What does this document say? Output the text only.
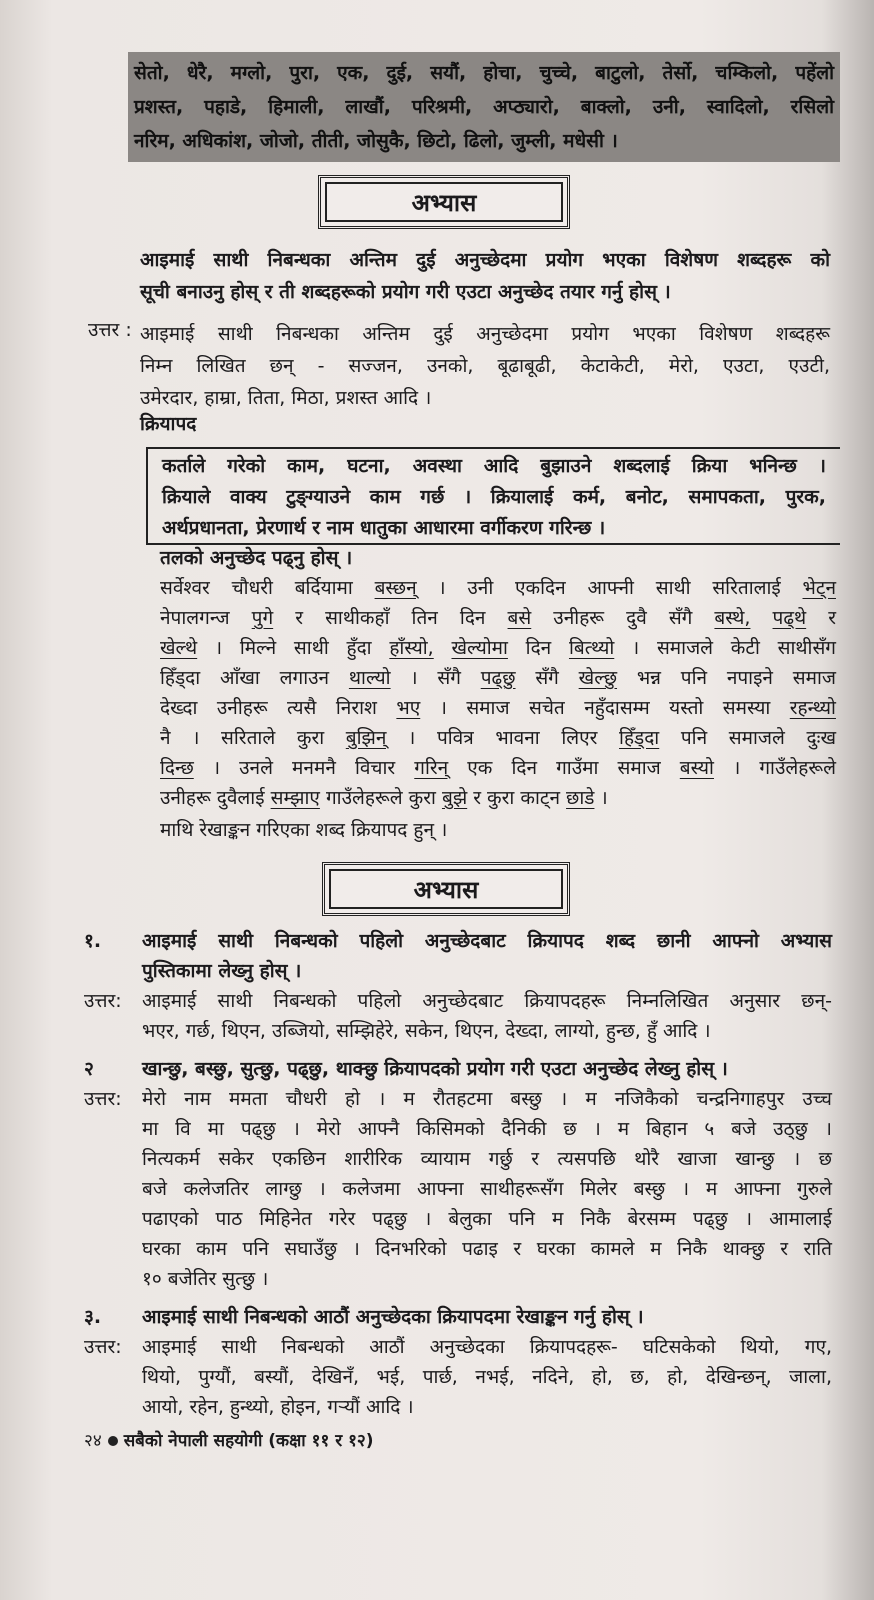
सेतो, धेरै, मग्लो, पुरा, एक, दुई, सयौं, होचा, चुच्चे, बाटुलो, तेर्सो, चम्किलो, पहेंलो
प्रशस्त, पहाडे, हिमाली, लाखौं, परिश्रमी, अप्ठ्यारो, बाक्लो, उनी, स्वादिलो, रसिलो
नरिम, अधिकांश, जोजो, तीती, जोसुकै, छिटो, ढिलो, जुम्ली, मधेसी ।
अभ्यास
आइमाई साथी निबन्धका अन्तिम दुई अनुच्छेदमा प्रयोग भएका विशेषण शब्दहरू को
सूची बनाउनु होस् र ती शब्दहरूको प्रयोग गरी एउटा अनुच्छेद तयार गर्नु होस् ।
उत्तर : आइमाई साथी निबन्धका अन्तिम दुई अनुच्छेदमा प्रयोग भएका विशेषण शब्दहरू
निम्न लिखित छन् - सज्जन, उनको, बूढाबूढी, केटाकेटी, मेरो, एउटा, एउटी,
उमेरदार, हाम्रा, तिता, मिठा, प्रशस्त आदि ।
क्रियापद
कर्ताले गरेको काम, घटना, अवस्था आदि बुझाउने शब्दलाई क्रिया भनिन्छ ।
क्रियाले वाक्य टुङ्ग्याउने काम गर्छ । क्रियालाई कर्म, बनोट, समापकता, पुरक,
अर्थप्रधानता, प्रेरणार्थ र नाम धातुका आधारमा वर्गीकरण गरिन्छ ।
तलको अनुच्छेद पढ्नु होस् ।
सर्वेश्वर चौधरी बर्दियामा बस्छन् । उनी एकदिन आफ्नी साथी सरितालाई भेट्न
नेपालगन्ज पुगे र साथीकहाँ तिन दिन बसे उनीहरू दुवै सँगै बस्थे, पढ्थे र
खेल्थे । मिल्ने साथी हुँदा हाँस्यो, खेल्योमा दिन बित्थ्यो । समाजले केटी साथीसँग
हिँड्दा आँखा लगाउन थाल्यो । सँगै पढ्छु सँगै खेल्छु भन्न पनि नपाइने समाज
देख्दा उनीहरू त्यसै निराश भए । समाज सचेत नहुँदासम्म यस्तो समस्या रहन्थ्यो
नै । सरिताले कुरा बुझिन् । पवित्र भावना लिएर हिँड्दा पनि समाजले दुःख
दिन्छ । उनले मनमनै विचार गरिन् एक दिन गाउँमा समाज बस्यो । गाउँलेहरूले
उनीहरू दुवैलाई सम्झाए गाउँलेहरूले कुरा बुझे र कुरा काट्न छाडे ।
माथि रेखाङ्कन गरिएका शब्द क्रियापद हुन् ।
अभ्यास
१.	आइमाई साथी निबन्धको पहिलो अनुच्छेदबाट क्रियापद शब्द छानी आफ्नो अभ्यास
पुस्तिकामा लेख्नु होस् ।
उत्तर:	आइमाई साथी निबन्धको पहिलो अनुच्छेदबाट क्रियापदहरू निम्नलिखित अनुसार छन्-
भएर, गर्छ, थिएन, उब्जियो, सम्झिहेरे, सकेन, थिएन, देख्दा, लाग्यो, हुन्छ, हुँ आदि ।
२	खान्छु, बस्छु, सुत्छु, पढ्छु, थाक्छु क्रियापदको प्रयोग गरी एउटा अनुच्छेद लेख्नु होस् ।
उत्तर:	मेरो नाम ममता चौधरी हो । म रौतहटमा बस्छु । म नजिकैको चन्द्रनिगाहपुर उच्च
मा वि मा पढ्छु । मेरो आफ्नै किसिमको दैनिकी छ । म बिहान ५ बजे उठ्छु ।
नित्यकर्म सकेर एकछिन शारीरिक व्यायाम गर्छु र त्यसपछि थोरै खाजा खान्छु । छ
बजे कलेजतिर लाग्छु । कलेजमा आफ्ना साथीहरूसँग मिलेर बस्छु । म आफ्ना गुरुले
पढाएको पाठ मिहिनेत गरेर पढ्छु । बेलुका पनि म निकै बेरसम्म पढ्छु । आमालाई
घरका काम पनि सघाउँछु । दिनभरिको पढाइ र घरका कामले म निकै थाक्छु र राति
१० बजेतिर सुत्छु ।
३.	आइमाई साथी निबन्धको आठौं अनुच्छेदका क्रियापदमा रेखाङ्कन गर्नु होस् ।
उत्तर:	आइमाई साथी निबन्धको आठौं अनुच्छेदका क्रियापदहरू- घटिसकेको थियो, गए,
थियो, पुग्यौं, बस्यौं, देखिनँ, भई, पार्छ, नभई, नदिने, हो, छ, हो, देखिन्छन्, जाला,
आयो, रहेन, हुन्थ्यो, होइन, गर्‍यौं आदि ।
२४ सबैको नेपाली सहयोगी (कक्षा ११ र १२)
